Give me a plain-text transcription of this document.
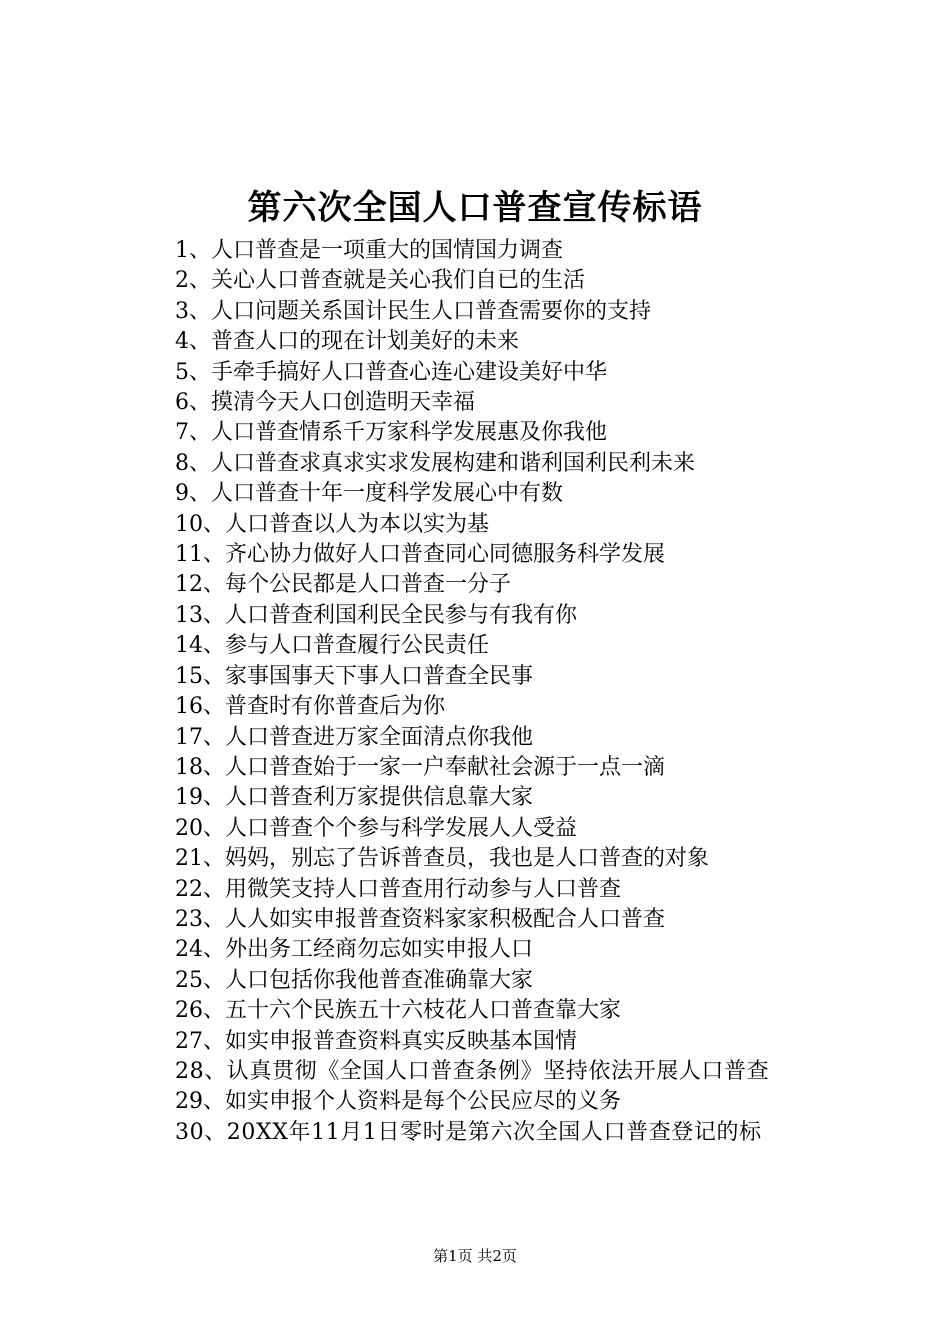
第六次全国人口普查宣传标语
1、人口普查是一项重大的国情国力调查
2、关心人口普查就是关心我们自已的生活
3、人口问题关系国计民生人口普查需要你的支持
4、普查人口的现在计划美好的未来
5、手牵手搞好人口普查心连心建设美好中华
6、摸清今天人口创造明天幸福
7、人口普查情系千万家科学发展惠及你我他
8、人口普查求真求实求发展构建和谐利国利民利未来
9、人口普查十年一度科学发展心中有数
10、人口普查以人为本以实为基
11、齐心协力做好人口普查同心同德服务科学发展
12、每个公民都是人口普查一分子
13、人口普查利国利民全民参与有我有你
14、参与人口普查履行公民责任
15、家事国事天下事人口普查全民事
16、普查时有你普查后为你
17、人口普查进万家全面清点你我他
18、人口普查始于一家一户奉献社会源于一点一滴
19、人口普查利万家提供信息靠大家
20、人口普查个个参与科学发展人人受益
21、妈妈，别忘了告诉普查员，我也是人口普查的对象
22、用微笑支持人口普查用行动参与人口普查
23、人人如实申报普查资料家家积极配合人口普查
24、外出务工经商勿忘如实申报人口
25、人口包括你我他普查准确靠大家
26、五十六个民族五十六枝花人口普查靠大家
27、如实申报普查资料真实反映基本国情
28、认真贯彻《全国人口普查条例》坚持依法开展人口普查
29、如实申报个人资料是每个公民应尽的义务
30、20XX年11月1日零时是第六次全国人口普查登记的标
第1页 共2页
